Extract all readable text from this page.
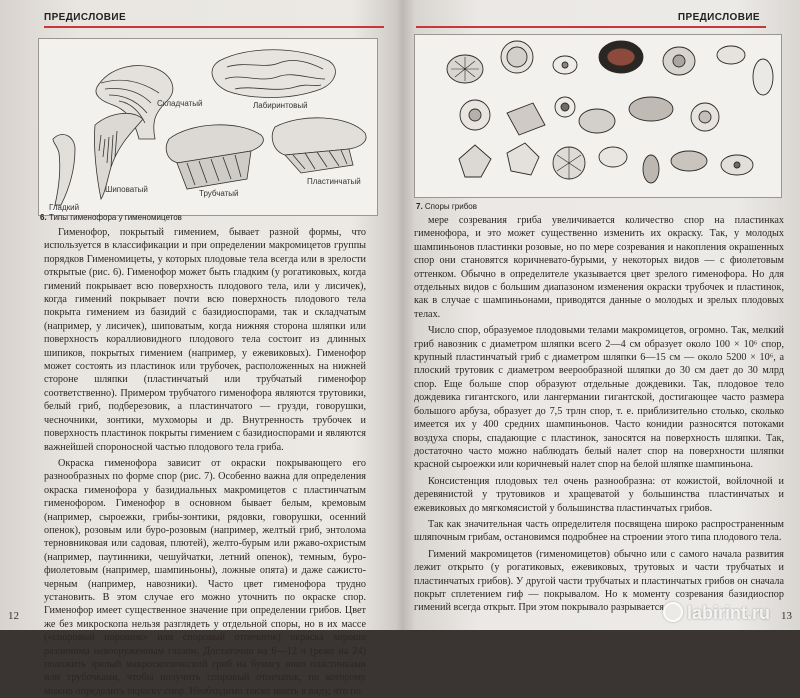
ПРЕДИСЛОВИЕ
Складчатый	Лабиринтовый
Шиповатый	Трубчатый
Пластинчатый
Гладкий
6. Типы гименофора у гименомицетов

Гименофор, покрытый гимением, бывает разной формы, что используется в классификации и при определении макромицетов группы порядков Гименомицеты, у которых плодовые тела всегда или в зрелости открытые (рис. 6). Гименофор может быть гладким (у рогатиковых, когда гимений покрывает всю поверхность плодового тела, или у лисичек), когда гимений покрывает почти всю поверхность плодового тела покрыта гимением из базидий с базидиоспорами, так и складчатым (например, у лисичек), шиповатым, когда нижняя сторона шляпки или поверхность кораллиовидного плодового тела состоит из длинных шипиков, покрытых гимением (например, у ежевиковых). Гименофор может состоять из пластинок или трубочек, расположенных на нижней стороне шляпки (пластинчатый или трубчатый гименофор соответственно). Примером трубчатого гименофора являются трутовики, белый гриб, подберезовик, а пластинчатого — грузди, говорушки, чесночники, зонтики, мухоморы и др. Внутренность трубочек и поверхность пластинок покрыты гимением с базидиоспорами и являются важнейшей спороносной частью плодового тела гриба.

Окраска гименофора зависит от окраски покрывающего его разнообразных по форме спор (рис. 7). Особенно важна для определения окраска гименофора у базидиальных макромицетов с пластинчатым гименофором. Гименофор в основном бывает белым, кремовым (например, сыроежки, грибы-зонтики, рядовки, говорушки, осенний опенок), розовым или буро-розовым (например, желтый гриб, энтолома терновниковая или садовая, плютей), желто-бурым или ржаво-охристым (например, паутинники, чешуйчатки, летний опенок), темным, буро-фиолетовым (например, шампиньоны), ложные опята) и даже сажисто-черным (например, навозники). Часто цвет гименофора трудно установить. В этом случае его можно уточнить по окраске спор. Гименофор имеет существенное значение при определении грибов. Цвет же без микроскопа нельзя разглядеть у отдельной споры, но в их массе («споровый порошок» или споровый отпечаток) окраска хорошо различима невооруженным глазом. Достаточно на 6—12 ч (реже на 24) положить зрелый макроскопический гриб на бумагу вниз пластинками или трубочками, чтобы получить споровый отпечаток, по которому можно определить окраску спор. Необходимо также иметь в виду, что по

12
ПРЕДИСЛОВИЕ
7. Споры грибов

мере созревания гриба увеличивается количество спор на пластинках гименофора, и это может существенно изменить их окраску. Так, у молодых шампиньонов пластинки розовые, но по мере созревания и накопления окрашенных спор они становятся коричневато-бурыми, у некоторых видов — с фиолетовым оттенком. Обычно в определителе указывается цвет зрелого гименофора. Но для отдельных видов с большим диапазоном изменения окраски трубочек и пластинок, как в случае с шампиньонами, приводятся данные о молодых и зрелых плодовых телах.

Число спор, образуемое плодовыми телами макромицетов, огромно. Так, мелкий гриб навозник с диаметром шляпки всего 2—4 см образует около 100 × 10⁶ спор, крупный пластинчатый гриб с диаметром шляпки 6—15 см — около 5200 × 10⁶, а плоский трутовик с диаметром веерообразной шляпки до 30 см дает до 30 млрд спор. Еще больше спор образуют отдельные дождевики. Так, плодовое тело дождевика гигантского, или лангермании гигантской, достигающее часто размера большого арбуза, образует до 7,5 трлн спор, т. е. приблизительно столько, сколько имеется их у 400 средних шампиньонов. Часто конидии разносятся потоками воздуха споры, спадающие с пластинок, заносятся на поверхность шляпки. Так, достаточно часто можно наблюдать белый налет спор на поверхности шляпки красной сыроежки или коричневый налет спор на белой шляпке шампиньона.

Консистенция плодовых тел очень разнообразна: от кожистой, войлочной и деревянистой у трутовиков и хращеватой у большинства пластинчатых и ежевиковых до мягкомясистой у большинства пластинчатых грибов.

Так как значительная часть определителя посвящена широко распространенным шляпочным грибам, остановимся подробнее на строении этого типа плодового тела.

Гимений макромицетов (гименомицетов) обычно или с самого начала развития лежит открыто (у рогатиковых, ежевиковых, трутовых и части трубчатых и пластинчатых грибов). У другой части трубчатых и пластинчатых грибов он сначала покрыт сплетением гиф — покрывалом. Но к моменту созревания базидиоспор гимений всегда открыт. При этом покрывало разрывается

13
labirint.ru
